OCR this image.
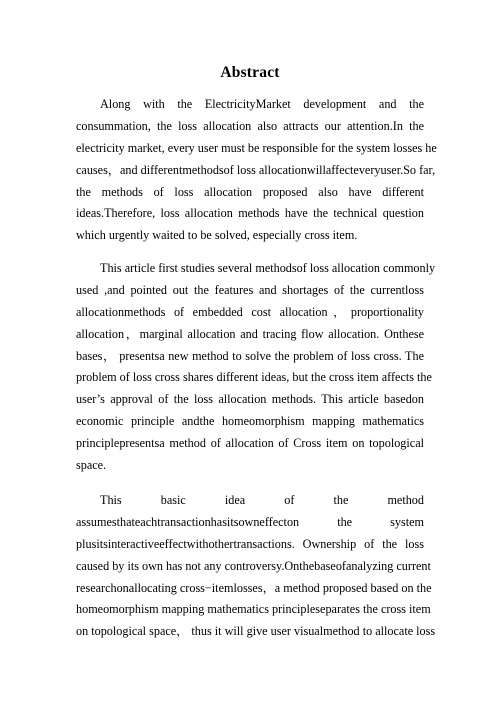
Abstract
Along with the ElectricityMarket development and the
consummation, the loss allocation also attracts our attention.In the
electricity market, every user must be responsible for the system losses he
causes，and differentmethodsof loss allocationwillaffecteveryuser.So far,
the methods of loss allocation proposed also have different
ideas.Therefore, loss allocation methods have the technical question
which urgently waited to be solved, especially cross item.
This article first studies several methodsof loss allocation commonly
used ,and pointed out the features and shortages of the currentloss
allocationmethods of embedded cost allocation，proportionality
allocation，marginal allocation and tracing flow allocation. Onthese
bases， presentsa new method to solve the problem of loss cross. The
problem of loss cross shares different ideas, but the cross item affects the
user’s approval of the loss allocation methods. This article basedon
economic principle andthe homeomorphism mapping mathematics
principlepresentsa method of allocation of Cross item on topological
space.
This basic idea of the method
assumesthateachtransactionhasitsowneffecton the system
plusitsinteractiveeffectwithothertransactions. Ownership of the loss
caused by its own has not any controversy.Onthebaseofanalyzing current
researchonallocating cross−itemlosses，a method proposed based on the
homeomorphism mapping mathematics principleseparates the cross item
on topological space， thus it will give user visualmethod to allocate loss
